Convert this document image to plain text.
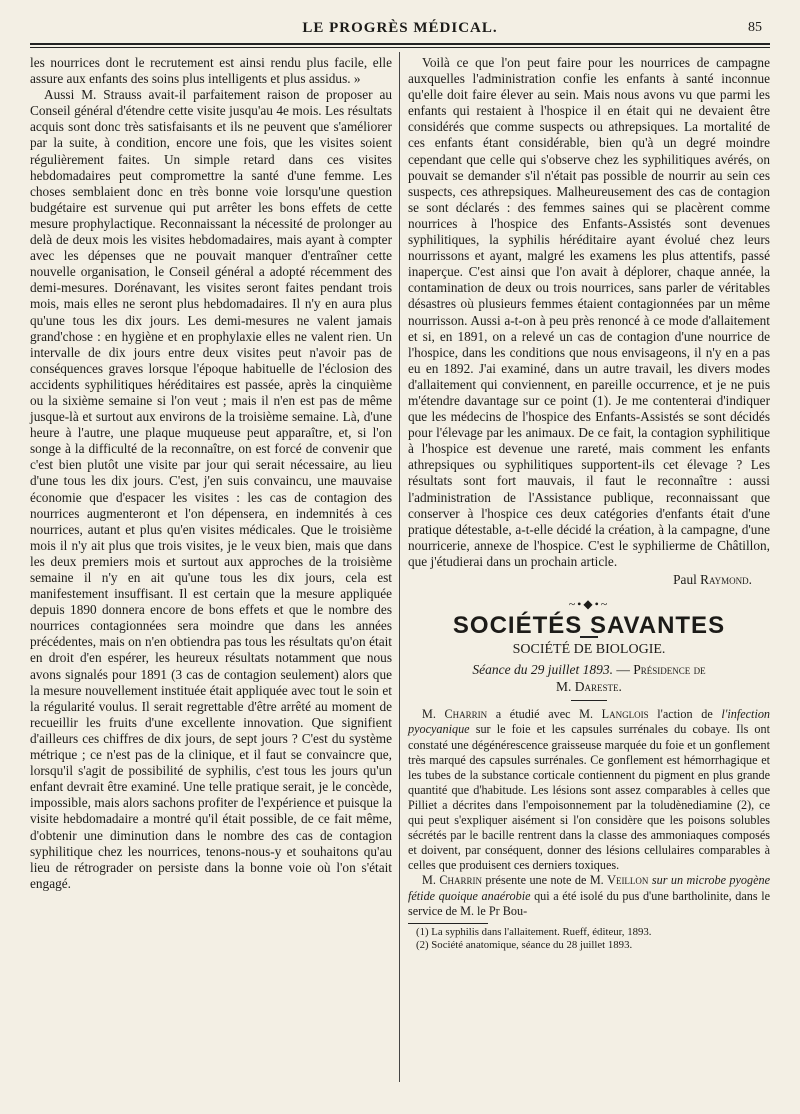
LE PROGRÈS MÉDICAL.	85

les nourrices dont le recrutement est ainsi rendu plus facile, elle assure aux enfants des soins plus intelligents et plus assidus. »

Aussi M. Strauss avait-il parfaitement raison de proposer au Conseil général d'étendre cette visite jusqu'au 4e mois. Les résultats acquis sont donc très satisfaisants et ils ne peuvent que s'améliorer par la suite, à condition, encore une fois, que les visites soient régulièrement faites. Un simple retard dans ces visites hebdomadaires peut compromettre la santé d'une femme. Les choses semblaient donc en très bonne voie lorsqu'une question budgétaire est survenue qui put arrêter les bons effets de cette mesure prophylactique. Reconnaissant la nécessité de prolonger au delà de deux mois les visites hebdomadaires, mais ayant à compter avec les dépenses que ne pouvait manquer d'entraîner cette nouvelle organisation, le Conseil général a adopté récemment des demi-mesures. Dorénavant, les visites seront faites pendant trois mois, mais elles ne seront plus hebdomadaires. Il n'y en aura plus qu'une tous les dix jours. Les demi-mesures ne valent jamais grand'chose : en hygiène et en prophylaxie elles ne valent rien. Un intervalle de dix jours entre deux visites peut n'avoir pas de conséquences graves lorsque l'époque habituelle de l'éclosion des accidents syphilitiques héréditaires est passée, après la cinquième ou la sixième semaine si l'on veut ; mais il n'en est pas de même jusque-là et surtout aux environs de la troisième semaine. Là, d'une heure à l'autre, une plaque muqueuse peut apparaître, et, si l'on songe à la difficulté de la reconnaître, on est forcé de convenir que c'est bien plutôt une visite par jour qui serait nécessaire, au lieu d'une tous les dix jours. C'est, j'en suis convaincu, une mauvaise économie que d'espacer les visites : les cas de contagion des nourrices augmenteront et l'on dépensera, en indemnités à ces nourrices, autant et plus qu'en visites médicales. Que le troisième mois il n'y ait plus que trois visites, je le veux bien, mais que dans les deux premiers mois et surtout aux approches de la troisième semaine il n'y en ait qu'une tous les dix jours, cela est manifestement insuffisant. Il est certain que la mesure appliquée depuis 1890 donnera encore de bons effets et que le nombre des nourrices contagionnées sera moindre que dans les années précédentes, mais on n'en obtiendra pas tous les résultats qu'on était en droit d'en espérer, les heureux résultats notamment que nous avons signalés pour 1891 (3 cas de contagion seulement) alors que la mesure nouvellement instituée était appliquée avec tout le soin et la régularité voulus. Il serait regrettable d'être arrêté au moment de recueillir les fruits d'une excellente innovation. Que signifient d'ailleurs ces chiffres de dix jours, de sept jours ? C'est du système métrique ; ce n'est pas de la clinique, et il faut se convaincre que, lorsqu'il s'agit de possibilité de syphilis, c'est tous les jours qu'un enfant devrait être examiné. Une telle pratique serait, je le concède, impossible, mais alors sachons profiter de l'expérience et puisque la visite hebdomadaire a montré qu'il était possible, de ce fait même, d'obtenir une diminution dans le nombre des cas de contagion syphilitique chez les nourrices, tenons-nous-y et souhaitons qu'au lieu de rétrograder on persiste dans la bonne voie où l'on s'était engagé.

Voilà ce que l'on peut faire pour les nourrices de campagne auxquelles l'administration confie les enfants à santé inconnue qu'elle doit faire élever au sein. Mais nous avons vu que parmi les enfants qui restaient à l'hospice il en était qui ne devaient être considérés que comme suspects ou athrepsiques. La mortalité de ces enfants étant considérable, bien qu'à un degré moindre cependant que celle qui s'observe chez les syphilitiques avérés, on pouvait se demander s'il n'était pas possible de nourrir au sein ces suspects, ces athrepsiques. Malheureusement des cas de contagion se sont déclarés : des femmes saines qui se placèrent comme nourrices à l'hospice des Enfants-Assistés sont devenues syphilitiques, la syphilis héréditaire ayant évolué chez leurs nourrissons et ayant, malgré les examens les plus attentifs, passé inaperçue. C'est ainsi que l'on avait à déplorer, chaque année, la contamination de deux ou trois nourrices, sans parler de véritables désastres où plusieurs femmes étaient contagionnées par un même nourrisson. Aussi a-t-on à peu près renoncé à ce mode d'allaitement et si, en 1891, on a relevé un cas de contagion d'une nourrice de l'hospice, dans les conditions que nous envisageons, il n'y en a pas eu en 1892. J'ai examiné, dans un autre travail, les divers modes d'allaitement qui conviennent, en pareille occurrence, et je ne puis m'étendre davantage sur ce point (1). Je me contenterai d'indiquer que les médecins de l'hospice des Enfants-Assistés se sont décidés pour l'élevage par les animaux. De ce fait, la contagion syphilitique à l'hospice est devenue une rareté, mais comment les enfants athrepsiques ou syphilitiques supportent-ils cet élevage ? Les résultats sont fort mauvais, il faut le reconnaître : aussi l'administration de l'Assistance publique, reconnaissant que conserver à l'hospice ces deux catégories d'enfants était d'une pratique détestable, a-t-elle décidé la création, à la campagne, d'une nourricerie, annexe de l'hospice. C'est le syphilierme de Châtillon, que j'étudierai dans un prochain article.

Paul Raymond.
~•◆•~
SOCIÉTÉS SAVANTES
SOCIÉTÉ DE BIOLOGIE.
Séance du 29 juillet 1893. — Présidence de
M. Dareste.

M. Charrin a étudié avec M. Langlois l'action de l'infection pyocyanique sur le foie et les capsules surrénales du cobaye. Ils ont constaté une dégénérescence graisseuse marquée du foie et un gonflement très marqué des capsules surrénales. Ce gonflement est hémorrhagique et les tubes de la substance corticale contiennent du pigment en plus grande quantité que d'habitude. Les lésions sont assez comparables à celles que Pilliet a décrites dans l'empoisonnement par la toludènediamine (2), ce qui peut s'expliquer aisément si l'on considère que les poisons solubles sécrétés par le bacille rentrent dans la classe des ammoniaques composés et doivent, par conséquent, donner des lésions cellulaires comparables à celles que produisent ces derniers toxiques.

M. Charrin présente une note de M. Veillon sur un microbe pyogène fétide quoique anaérobie qui a été isolé du pus d'une bartholinite, dans le service de M. le Pr Bou-

(1) La syphilis dans l'allaitement. Rueff, éditeur, 1893.
(2) Société anatomique, séance du 28 juillet 1893.
